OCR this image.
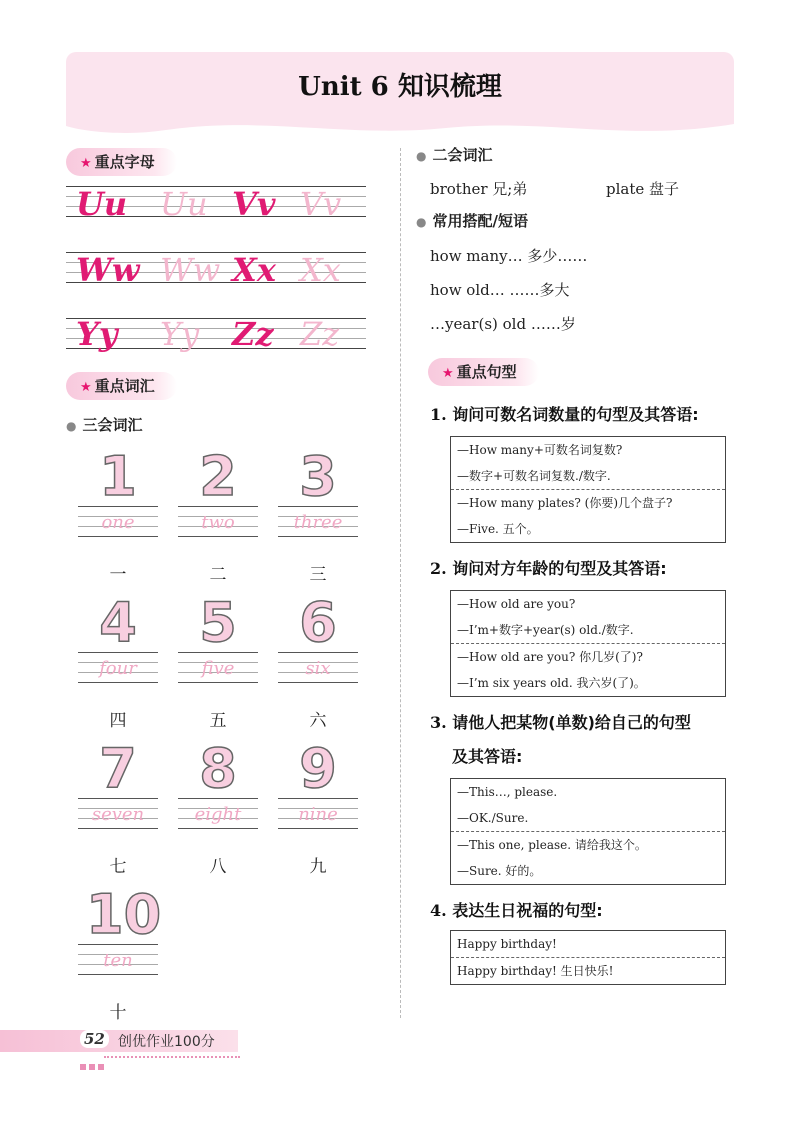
Unit 6 知识梳理
★ 重点字母
Uu Uu Vv Vv
Ww Ww Xx Xx
Yy Yy Zz Zz
★ 重点词汇
● 三会词汇
1
one
一
2
two
二
3
three
三
4
four
四
5
five
五
6
six
六
7
seven
七
8
eight
八
9
nine
九
10
ten
十
● 二会词汇
brother 兄;弟	plate 盘子
● 常用搭配/短语
how many… 多少……
how old… ……多大
…year(s) old ……岁
★ 重点句型
1. 询问可数名词数量的句型及其答语:
—How many+可数名词复数?
—数字+可数名词复数./数字.
—How many plates? (你要)几个盘子?
—Five. 五个。
2. 询问对方年龄的句型及其答语:
—How old are you?
—I’m+数字+year(s) old./数字.
—How old are you? 你几岁(了)?
—I’m six years old. 我六岁(了)。
3. 请他人把某物(单数)给自己的句型
及其答语:
—This…, please.
—OK./Sure.
—This one, please. 请给我这个。
—Sure. 好的。
4. 表达生日祝福的句型:
Happy birthday!
Happy birthday! 生日快乐!
52 创优作业100分
